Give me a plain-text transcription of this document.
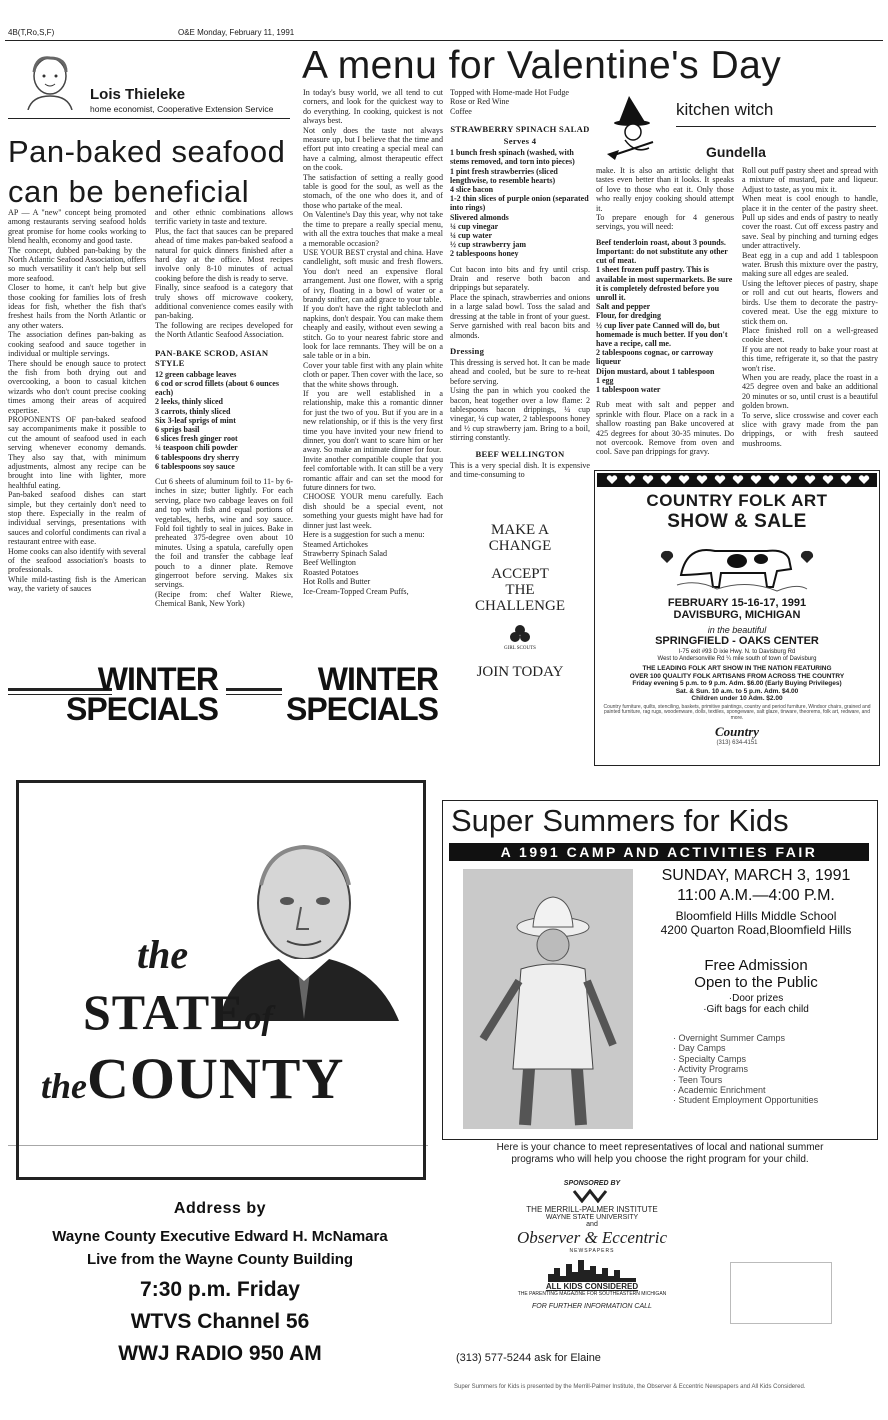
4B(T,Ro,S,F)	O&E Monday, February 11, 1991
Lois Thieleke
home economist, Cooperative Extension Service
Pan-baked seafood can be beneficial
AP — A "new" concept being promoted among restaurants serving seafood holds great promise for home cooks working to blend health, economy and good taste.
The concept, dubbed pan-baking by the North Atlantic Seafood Association, offers so much versatility it can't help but sell more seafood.
Closer to home, it can't help but give those cooking for families lots of fresh ideas for fish, whether the fish that's freshest hails from the North Atlantic or any other waters.
The association defines pan-baking as cooking seafood and sauce together in individual or multiple servings.
There should be enough sauce to protect the fish from both drying out and overcooking, a boon to casual kitchen wizards who don't count precise cooking times among their areas of acquired expertise.
PROPONENTS OF pan-baked seafood say accompaniments make it possible to cut the amount of seafood used in each serving whenever economy demands. They also say that, with minimum adjustments, almost any recipe can be brought into line with lighter, more healthful eating.
Pan-baked seafood dishes can start simple, but they certainly don't need to stop there. Especially in the realm of individual servings, presentations with sauces and colorful condiments can rival a restaurant entree with ease.
Home cooks can also identify with several of the seafood association's boasts to professionals.
While mild-tasting fish is the American way, the variety of sauces
and other ethnic combinations allows terrific variety in taste and texture.
Plus, the fact that sauces can be prepared ahead of time makes pan-baked seafood a natural for quick dinners finished after a hard day at the office. Most recipes involve only 8-10 minutes of actual cooking before the dish is ready to serve.
Finally, since seafood is a category that truly shows off microwave cookery, additional convenience comes easily with pan-baking.
The following are recipes developed for the North Atlantic Seafood Association.
PAN-BAKE SCROD, ASIAN STYLE
12 green cabbage leaves
6 cod or scrod fillets (about 6 ounces each)
2 leeks, thinly sliced
3 carrots, thinly sliced
Six 3-leaf sprigs of mint
6 sprigs basil
6 slices fresh ginger root
¼ teaspoon chili powder
6 tablespoons dry sherry
6 tablespoons soy sauce
Cut 6 sheets of aluminum foil to 11- by 6-inches in size; butter lightly. For each serving, place two cabbage leaves on foil and top with fish and equal portions of vegetables, herbs, wine and soy sauce. Fold foil tightly to seal in juices. Bake in preheated 375-degree oven about 10 minutes. Using a spatula, carefully open the foil and transfer the cabbage leaf pouch to a dinner plate. Remove gingerroot before serving. Makes six servings.
(Recipe from: chef Walter Riewe, Chemical Bank, New York)
A menu for Valentine's Day
In today's busy world, we all tend to cut corners, and look for the quickest way to do everything. In cooking, quickest is not always best.
Not only does the taste not always measure up, but I believe that the time and effort put into creating a special meal can have a calming, almost therapeutic effect on the cook.
The satisfaction of setting a really good table is good for the soul, as well as the stomach, of the one who does it, and of those who partake of the meal.
On Valentine's Day this year, why not take the time to prepare a really special menu, with all the extra touches that make a meal a memorable occasion?
USE YOUR BEST crystal and china. Have candlelight, soft music and fresh flowers. You don't need an expensive floral arrangement. Just one flower, with a sprig of ivy, floating in a bowl of water or a brandy snifter, can add grace to your table.
If you don't have the right tablecloth and napkins, don't despair. You can make them cheaply and easily, without even sewing a stitch. Go to your nearest fabric store and look for lace remnants. They will be on a sale table or in a bin.
Cover your table first with any plain white cloth or paper. Then cover with the lace, so that the white shows through.
If you are well established in a relationship, make this a romantic dinner for just the two of you. But if you are in a new relationship, or if this is the very first time you have invited your new friend to dinner, you don't want to scare him or her away. So make an intimate dinner for four.
Invite another compatible couple that you feel comfortable with. It can still be a very romantic affair and can set the mood for future dinners for two.
CHOOSE YOUR menu carefully. Each dish should be a special event, not something your guests might have had for dinner just last week.
Here is a suggestion for such a menu:
Steamed Artichokes
Strawberry Spinach Salad
Beef Wellington
Roasted Potatoes
Hot Rolls and Butter
Ice-Cream-Topped Cream Puffs,
Topped with Home-made Hot Fudge
Rose or Red Wine
Coffee
STRAWBERRY SPINACH SALAD
Serves 4
1 bunch fresh spinach (washed, with stems removed, and torn into pieces)
1 pint fresh strawberries (sliced lengthwise, to resemble hearts)
4 slice bacon
1-2 thin slices of purple onion (separated into rings)
Slivered almonds
¼ cup vinegar
¼ cup water
½ cup strawberry jam
2 tablespoons honey
Cut bacon into bits and fry until crisp. Drain and reserve both bacon and drippings but separately.
Place the spinach, strawberries and onions in a large salad bowl. Toss the salad and dressing at the table in front of your guest. Serve garnished with real bacon bits and almonds.
Dressing
This dressing is served hot. It can be made ahead and cooled, but be sure to re-heat before serving.
Using the pan in which you cooked the bacon, heat together over a low flame: 2 tablespoons bacon drippings, ¼ cup vinegar, ¼ cup water, 2 tablespoons honey and ½ cup strawberry jam. Bring to a boil, stirring constantly.
BEEF WELLINGTON
This is a very special dish. It is expensive and time-consuming to
kitchen witch
Gundella
make. It is also an artistic delight that tastes even better than it looks. It speaks of love to those who eat it. Only those who really enjoy cooking should attempt it.
To prepare enough for 4 generous servings, you will need:
Beef tenderloin roast, about 3 pounds. Important: do not substitute any other cut of meat.
1 sheet frozen puff pastry. This is available in most supermarkets. Be sure it is completely defrosted before you unroll it.
Salt and pepper
Flour, for dredging
½ cup liver pate Canned will do, but homemade is much better. If you don't have a recipe, call me.
2 tablespoons cognac, or carroway liqueur
Dijon mustard, about 1 tablespoon
1 egg
1 tablespoon water
Rub meat with salt and pepper and sprinkle with flour. Place on a rack in a shallow roasting pan Bake uncovered at 425 degrees for about 30-35 minutes. Do not overcook. Remove from oven and cool. Save pan drippings for gravy.
Roll out puff pastry sheet and spread with a mixture of mustard, pate and liqueur. Adjust to taste, as you mix it.
When meat is cool enough to handle, place it in the center of the pastry sheet. Pull up sides and ends of pastry to neatly cover the roast. Cut off excess pastry and save. Seal by pinching and turning edges under attractively.
Beat egg in a cup and add 1 tablespoon water. Brush this mixture over the pastry, making sure all edges are sealed.
Using the leftover pieces of pastry, shape or roll and cut out hearts, flowers and birds. Use them to decorate the pastry-covered meat. Use the egg mixture to stick them on.
Place finished roll on a well-greased cookie sheet.
If you are not ready to bake your roast at this time, refrigerate it, so that the pastry won't rise.
When you are ready, place the roast in a 425 degree oven and bake an additional 20 minutes or so, until crust is a beautiful golden brown.
To serve, slice crosswise and cover each slice with gravy made from the pan drippings, or with fresh sauteed mushrooms.
MAKE A
CHANGE
ACCEPT
THE
CHALLENGE
GIRL SCOUTS
JOIN TODAY
COUNTRY FOLK ART
SHOW & SALE
FEBRUARY 15-16-17, 1991
DAVISBURG, MICHIGAN
in the beautiful
SPRINGFIELD - OAKS CENTER
I-75 exit #93 D ixie Hwy. N. to Davisburg Rd
West to Andersonville Rd ¼ mile south of town of Davisburg
THE LEADING FOLK ART SHOW IN THE NATION FEATURING
OVER 100 QUALITY FOLK ARTISANS FROM ACROSS THE COUNTRY
Friday evening 5 p.m. to 9 p.m. Adm. $6.00 (Early Buying Privileges)
Sat. & Sun. 10 a.m. to 5 p.m. Adm. $4.00
Children under 10 Adm. $2.00
Country furniture, quilts, stenciling, baskets, primitive paintings, country and period furniture, Windsor chairs, grained and painted furniture, rag rugs, woodenware, dolls, textiles, spongeware, salt glaze, tinware, theorems, folk art, redware, and more.
Country
(313) 634-4151
WINTER
SPECIALS
WINTER
SPECIALS
the
STATEof
theCOUNTY
Address by
Wayne County Executive Edward H. McNamara
Live from the Wayne County Building
7:30 p.m. Friday
WTVS Channel 56
WWJ RADIO 950 AM
Super Summers for Kids
A 1991 CAMP AND ACTIVITIES FAIR
SUNDAY, MARCH 3, 1991
11:00 A.M.—4:00 P.M.
Bloomfield Hills Middle School
4200 Quarton Road,Bloomfield Hills
Free Admission
Open to the Public
·Door prizes
·Gift bags for each child
· Overnight Summer Camps
· Day Camps
· Specialty Camps
· Activity Programs
· Teen Tours
· Academic Enrichment
· Student Employment Opportunities
Here is your chance to meet representatives of local and national summer
programs who will help you choose the right program for your child.
SPONSORED BY
THE MERRILL-PALMER INSTITUTE
WAYNE STATE UNIVERSITY
and
Observer & Eccentric
NEWSPAPERS
ALL KIDS CONSIDERED
THE PARENTING MAGAZINE FOR SOUTHEASTERN MICHIGAN
FOR FURTHER INFORMATION CALL
(313) 577-5244 ask for Elaine
Super Summers for Kids is presented by the Merrill-Palmer Institute, the Observer & Eccentric Newspapers and All Kids Considered.
